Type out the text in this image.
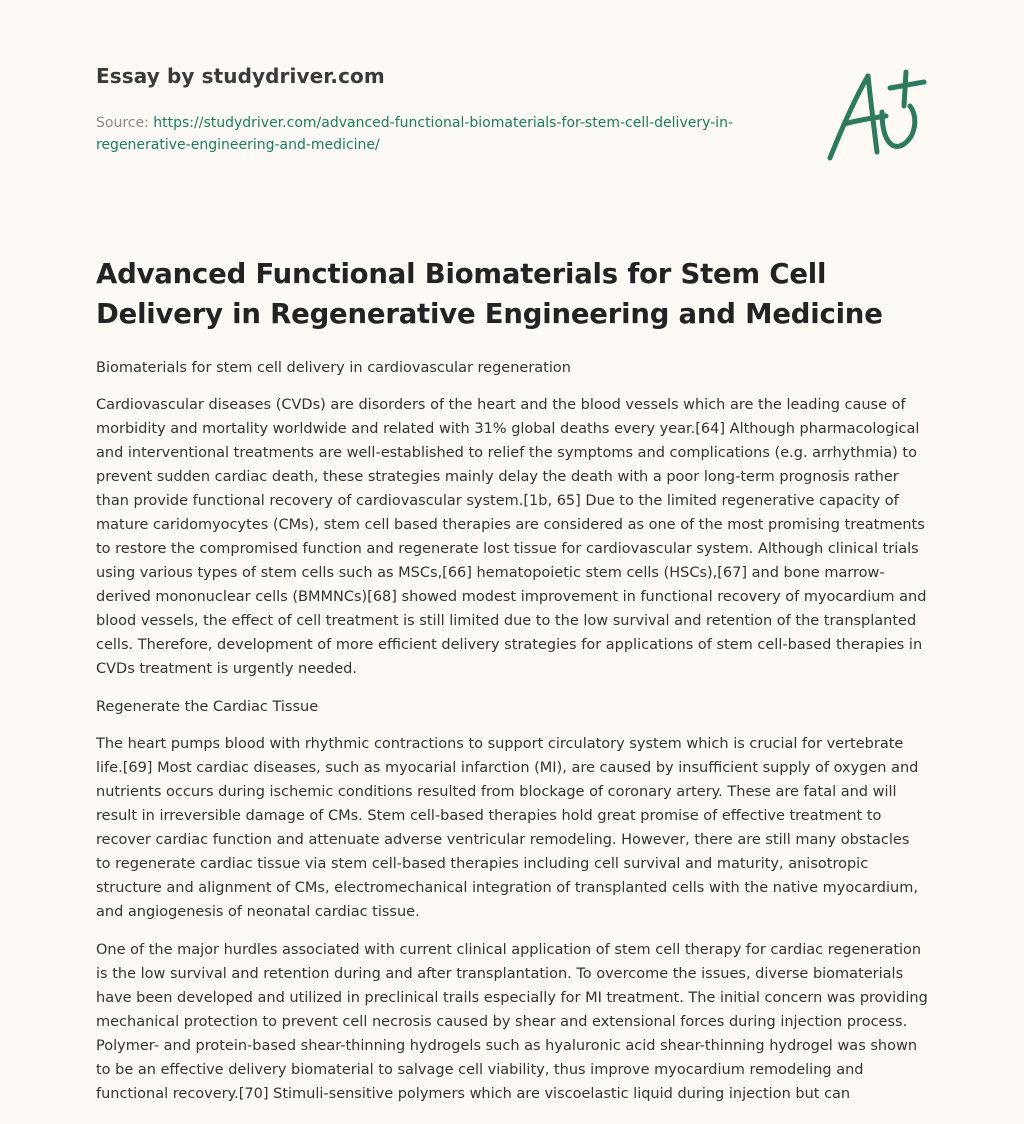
Essay by studydriver.com
Source: https://studydriver.com/advanced-functional-biomaterials-for-stem-cell-delivery-in-regenerative-engineering-and-medicine/
Advanced Functional Biomaterials for Stem Cell Delivery in Regenerative Engineering and Medicine

Biomaterials for stem cell delivery in cardiovascular regeneration

Cardiovascular diseases (CVDs) are disorders of the heart and the blood vessels which are the leading cause of morbidity and mortality worldwide and related with 31% global deaths every year.[64] Although pharmacological and interventional treatments are well-established to relief the symptoms and complications (e.g. arrhythmia) to prevent sudden cardiac death, these strategies mainly delay the death with a poor long-term prognosis rather than provide functional recovery of cardiovascular system.[1b, 65] Due to the limited regenerative capacity of mature caridomyocytes (CMs), stem cell based therapies are considered as one of the most promising treatments to restore the compromised function and regenerate lost tissue for cardiovascular system. Although clinical trials using various types of stem cells such as MSCs,[66] hematopoietic stem cells (HSCs),[67] and bone marrow-derived mononuclear cells (BMMNCs)[68] showed modest improvement in functional recovery of myocardium and blood vessels, the effect of cell treatment is still limited due to the low survival and retention of the transplanted cells. Therefore, development of more efficient delivery strategies for applications of stem cell-based therapies in CVDs treatment is urgently needed.

Regenerate the Cardiac Tissue

The heart pumps blood with rhythmic contractions to support circulatory system which is crucial for vertebrate life.[69] Most cardiac diseases, such as myocarial infarction (MI), are caused by insufficient supply of oxygen and nutrients occurs during ischemic conditions resulted from blockage of coronary artery. These are fatal and will result in irreversible damage of CMs. Stem cell-based therapies hold great promise of effective treatment to recover cardiac function and attenuate adverse ventricular remodeling. However, there are still many obstacles to regenerate cardiac tissue via stem cell-based therapies including cell survival and maturity, anisotropic structure and alignment of CMs, electromechanical integration of transplanted cells with the native myocardium, and angiogenesis of neonatal cardiac tissue.

One of the major hurdles associated with current clinical application of stem cell therapy for cardiac regeneration is the low survival and retention during and after transplantation. To overcome the issues, diverse biomaterials have been developed and utilized in preclinical trails especially for MI treatment. The initial concern was providing mechanical protection to prevent cell necrosis caused by shear and extensional forces during injection process. Polymer- and protein-based shear-thinning hydrogels such as hyaluronic acid shear-thinning hydrogel was shown to be an effective delivery biomaterial to salvage cell viability, thus improve myocardium remodeling and functional recovery.[70] Stimuli-sensitive polymers which are viscoelastic liquid during injection but can
